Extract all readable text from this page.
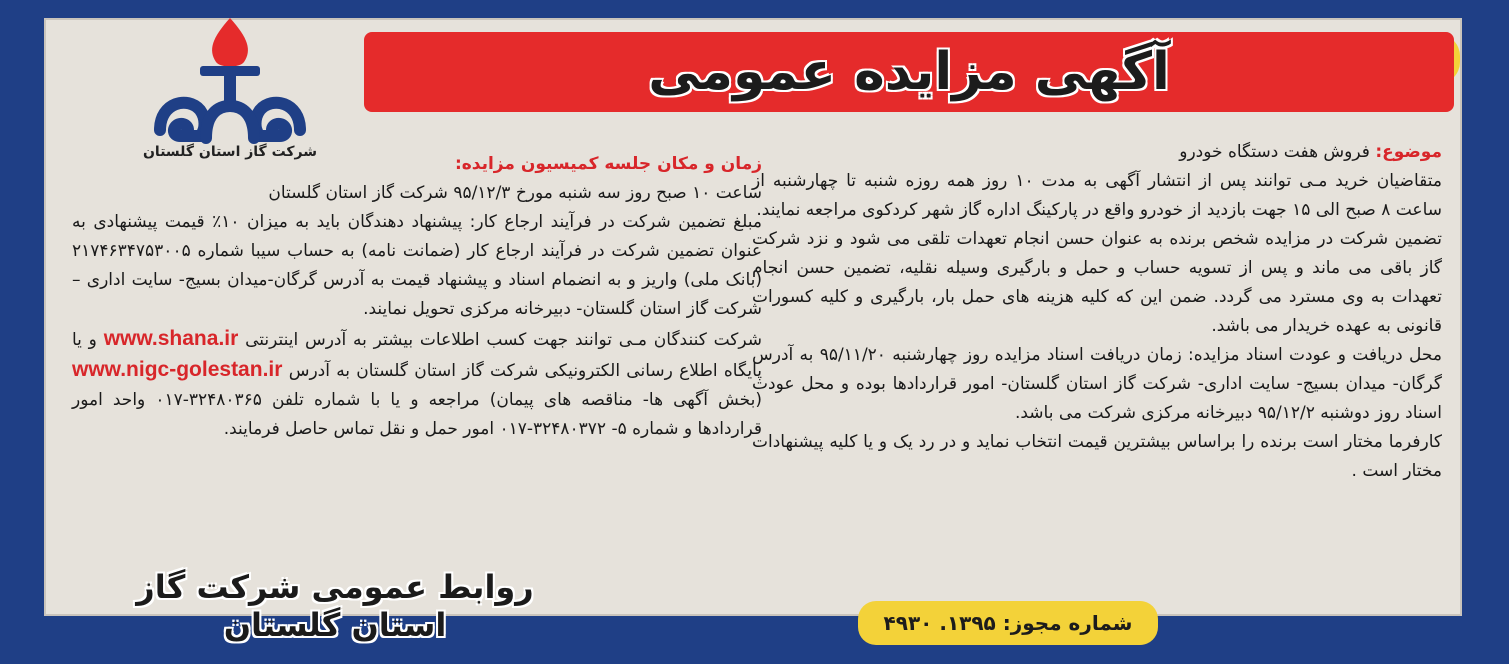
آگهی مزایده عمومی
شرکت گاز استان گلستان	موضوع: فروش هفت دستگاه خودرو

متقاضیان خرید مـی توانند پس از انتشار آگهی به مدت ۱۰ روز همه روزه شنبه تا چهارشنبه از ساعت ۸ صبح الی ۱۵ جهت بازدید از خودرو واقع در پارکینگ اداره گاز شهر کردکوی مراجعه نمایند.

تضمین شرکت در مزایده شخص برنده به عنوان حسن انجام تعهدات تلقی می شود و نزد شرکت گاز باقی می ماند و پس از تسویه حساب و حمل و بارگیری وسیله نقلیه، تضمین حسن انجام تعهدات به وی مسترد می گردد. ضمن این که کلیه هزینه های حمل بار، بارگیری و کلیه کسورات قانونی به عهده خریدار می باشد.

محل دریافت و عودت اسناد مزایده: زمان دریافت اسناد مزایده روز چهارشنبه ۹۵/۱۱/۲۰ به آدرس گرگان- میدان بسیج- سایت اداری- شرکت گاز استان گلستان- امور قراردادها بوده و محل عودت اسناد روز دوشنبه ۹۵/۱۲/۲ دبیرخانه مرکزی شرکت می باشد.

کارفرما مختار است برنده را براساس بیشترین قیمت انتخاب نماید و در رد یک و یا کلیه پیشنهادات مختار است .

زمان و مکان جلسه کمیسیون مزایده:

ساعت ۱۰ صبح روز سه شنبه مورخ ۹۵/۱۲/۳ شرکت گاز استان گلستان

مبلغ تضمین شرکت در فرآیند ارجاع کار: پیشنهاد دهندگان باید به میزان ۱۰٪ قیمت پیشنهادی به عنوان تضمین شرکت در فرآیند ارجاع کار (ضمانت نامه) به حساب سیبا شماره ۲۱۷۴۶۳۴۷۵۳۰۰۵ (بانک ملی) واریز و به انضمام اسناد و پیشنهاد قیمت به آدرس گرگان-میدان بسیج- سایت اداری – شرکت گاز استان گلستان- دبیرخانه مرکزی تحویل نمایند.

شرکت کنندگان مـی توانند جهت کسب اطلاعات بیشتر به آدرس اینترنتی www.shana.ir و یا پایگاه اطلاع رسانی الکترونیکی شرکت گاز استان گلستان به آدرس www.nigc-golestan.ir (بخش آگهی ها- مناقصه های پیمان) مراجعه و یا با شماره تلفن ۳۲۴۸۰۳۶۵-۰۱۷ واحد امور قراردادها و شماره ۵- ۳۲۴۸۰۳۷۲-۰۱۷ امور حمل و نقل تماس حاصل فرمایند.

روابط عمومی شرکت گاز استان گلستان	شماره مجوز: ۱۳۹۵. ۴۹۳۰
